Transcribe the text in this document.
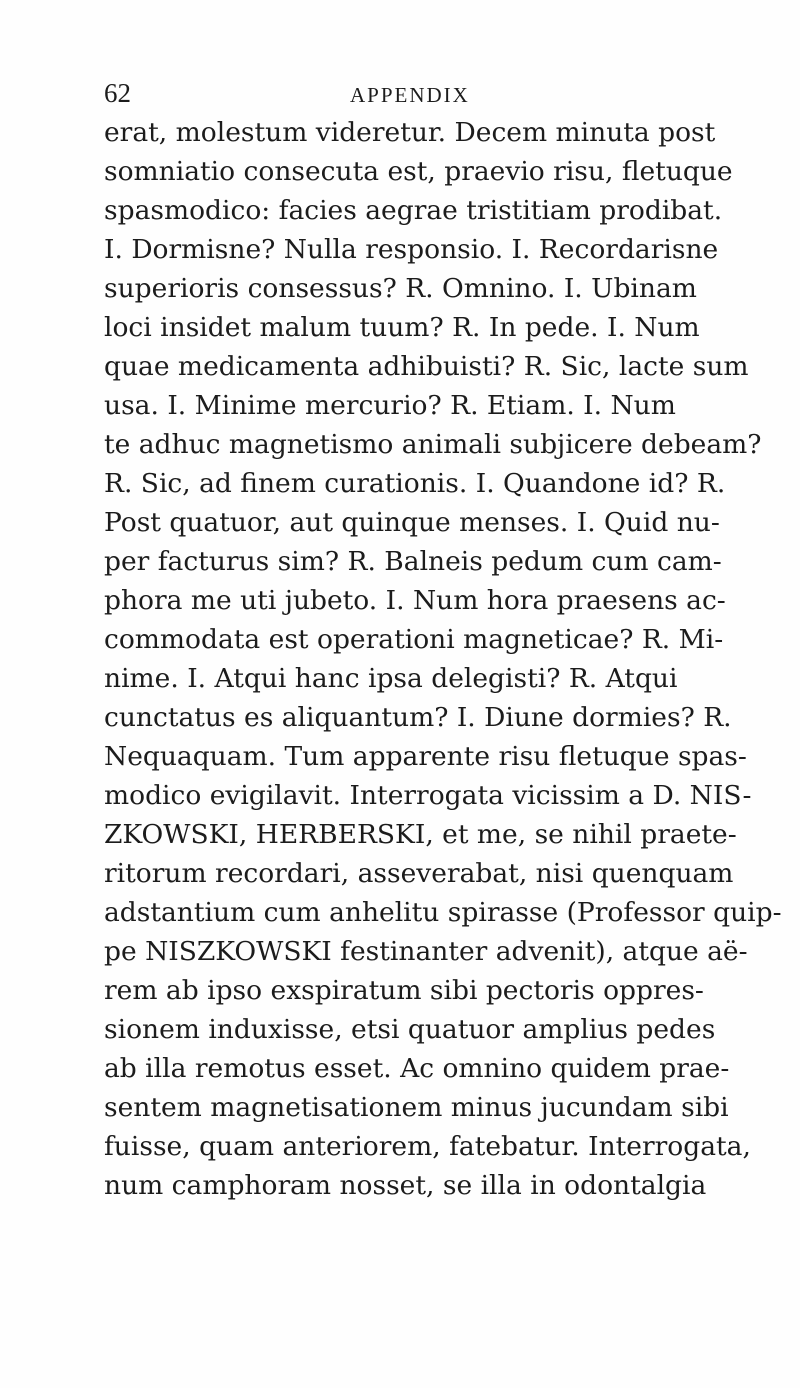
62	APPENDIX
erat, molestum videretur. Decem minuta post
somniatio consecuta est, praevio risu, fletuque
spasmodico: facies aegrae tristitiam prodibat.
I. Dormisne? Nulla responsio. I. Recordarisne
superioris consessus? R. Omnino. I. Ubinam
loci insidet malum tuum? R. In pede. I. Num
quae medicamenta adhibuisti? R. Sic, lacte sum
usa. I. Minime mercurio? R. Etiam. I. Num
te adhuc magnetismo animali subjicere debeam?
R. Sic, ad finem curationis. I. Quandone id? R.
Post quatuor, aut quinque menses. I. Quid nu-
per facturus sim? R. Balneis pedum cum cam-
phora me uti jubeto. I. Num hora praesens ac-
commodata est operationi magneticae? R. Mi-
nime. I. Atqui hanc ipsa delegisti? R. Atqui
cunctatus es aliquantum? I. Diune dormies? R.
Nequaquam. Tum apparente risu fletuque spas-
modico evigilavit. Interrogata vicissim a D. NIS-
ZKOWSKI, HERBERSKI, et me, se nihil praete-
ritorum recordari, asseverabat, nisi quenquam
adstantium cum anhelitu spirasse (Professor quip-
pe NISZKOWSKI festinanter advenit), atque aë-
rem ab ipso exspiratum sibi pectoris oppres-
sionem induxisse, etsi quatuor amplius pedes
ab illa remotus esset. Ac omnino quidem prae-
sentem magnetisationem minus jucundam sibi
fuisse, quam anteriorem, fatebatur. Interrogata,
num camphoram nosset, se illa in odontalgia
